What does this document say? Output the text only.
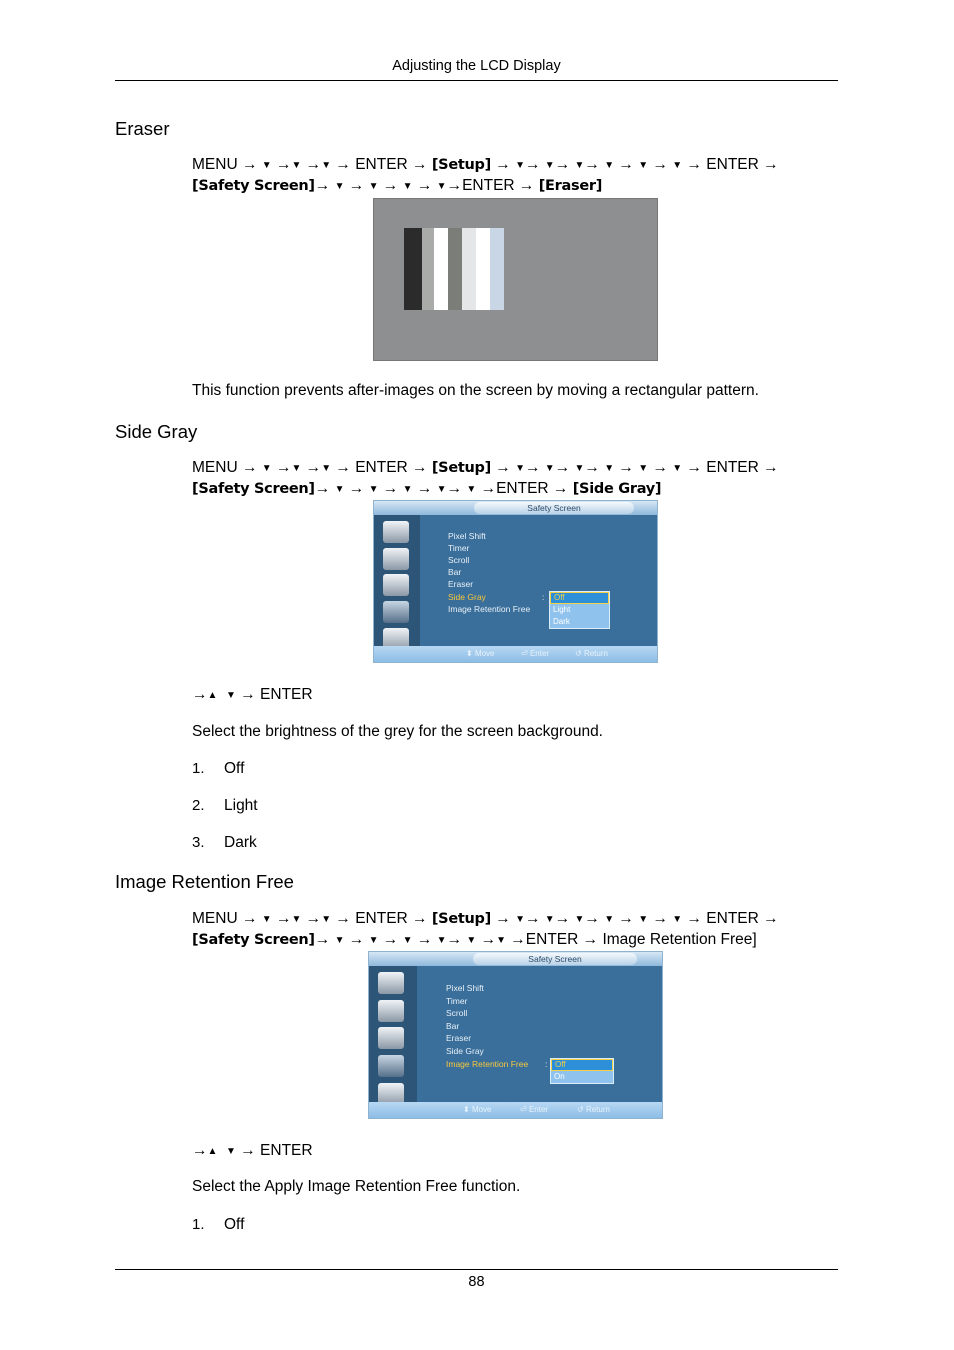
Adjusting the LCD Display
Eraser
MENU → ▼ →▼ →▼ → ENTER → [Setup] → ▼→ ▼→ ▼→ ▼ → ▼ → ▼ → ENTER →
[Safety Screen]→ ▼ → ▼ → ▼ → ▼→ENTER → [Eraser]
This function prevents after-images on the screen by moving a rectangular pattern.
Side Gray
MENU → ▼ →▼ →▼ → ENTER → [Setup] → ▼→ ▼→ ▼→ ▼ → ▼ → ▼ → ENTER →
[Safety Screen]→ ▼ → ▼ → ▼ → ▼→ ▼ →ENTER → [Side Gray]
Safety Screen
Pixel Shift
Timer
Scroll
Bar
Eraser
Side Gray
Image Retention Free
:	Off
Light
Dark
⬍ Move	⏎ Enter	↺ Return
→▲ ▼ → ENTER
Select the brightness of the grey for the screen background.
1. Off
2. Light
3. Dark
Image Retention Free
MENU → ▼ →▼ →▼ → ENTER → [Setup] → ▼→ ▼→ ▼→ ▼ → ▼ → ▼ → ENTER →
[Safety Screen]→ ▼ → ▼ → ▼ → ▼→ ▼ →▼ →ENTER → Image Retention Free]
Safety Screen
Pixel Shift
Timer
Scroll
Bar
Eraser
Side Gray
Image Retention Free : Off
On
⬍ Move	⏎ Enter	↺ Return
→▲ ▼ → ENTER
Select the Apply Image Retention Free function.
1. Off
88
